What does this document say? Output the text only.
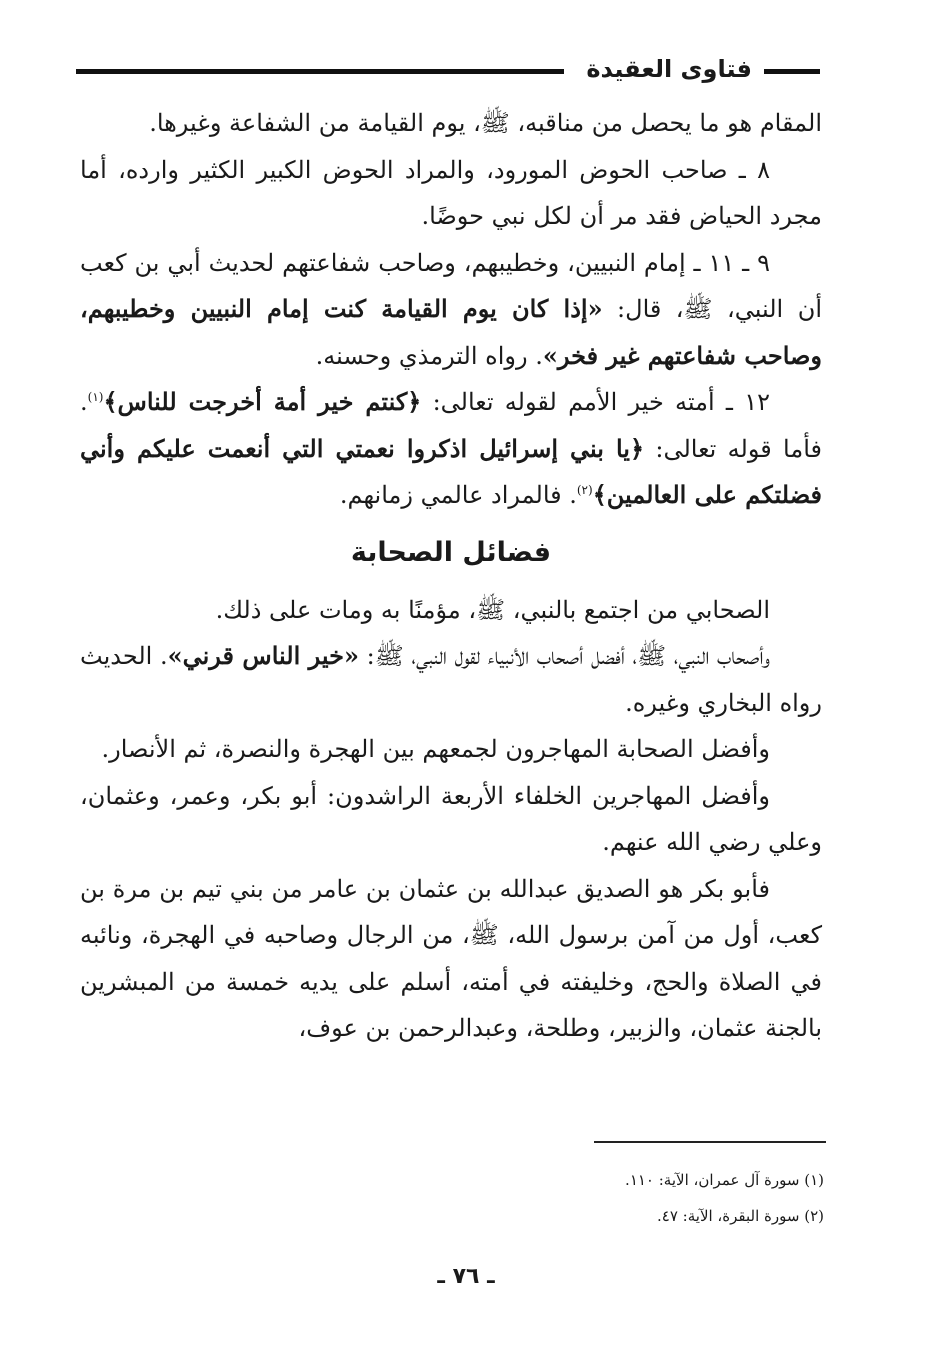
فتاوى العقيدة

المقام هو ما يحصل من مناقبه، ﷺ، يوم القيامة من الشفاعة وغيرها.

٨ ـ صاحب الحوض المورود، والمراد الحوض الكبير الكثير وارده، أما مجرد الحياض فقد مر أن لكل نبي حوضًا.

٩ ـ ١١ ـ إمام النبيين، وخطيبهم، وصاحب شفاعتهم لحديث أبي بن كعب أن النبي، ﷺ، قال: «إذا كان يوم القيامة كنت إمام النبيين وخطيبهم، وصاحب شفاعتهم غير فخر». رواه الترمذي وحسنه.

١٢ ـ أمته خير الأمم لقوله تعالى: ﴿كنتم خير أمة أخرجت للناس﴾$^{(١)}$. فأما قوله تعالى: ﴿يا بني إسرائيل اذكروا نعمتي التي أنعمت عليكم وأني فضلتكم على العالمين﴾$^{(٢)}$. فالمراد عالمي زمانهم.

فضائل الصحابة

الصحابي من اجتمع بالنبي، ﷺ، مؤمنًا به ومات على ذلك.

وأصحاب النبي، ﷺ، أفضل أصحاب الأنبياء لقول النبي، ﷺ: «خير الناس قرني». الحديث رواه البخاري وغيره.

وأفضل الصحابة المهاجرون لجمعهم بين الهجرة والنصرة، ثم الأنصار.

وأفضل المهاجرين الخلفاء الأربعة الراشدون: أبو بكر، وعمر، وعثمان، وعلي رضي الله عنهم.

فأبو بكر هو الصديق عبدالله بن عثمان بن عامر من بني تيم بن مرة بن كعب، أول من آمن برسول الله، ﷺ، من الرجال وصاحبه في الهجرة، ونائبه في الصلاة والحج، وخليفته في أمته، أسلم على يديه خمسة من المبشرين بالجنة عثمان، والزبير، وطلحة، وعبدالرحمن بن عوف،

(١) سورة آل عمران، الآية: ١١٠.
(٢) سورة البقرة، الآية: ٤٧.
ـ ٧٦ ـ
